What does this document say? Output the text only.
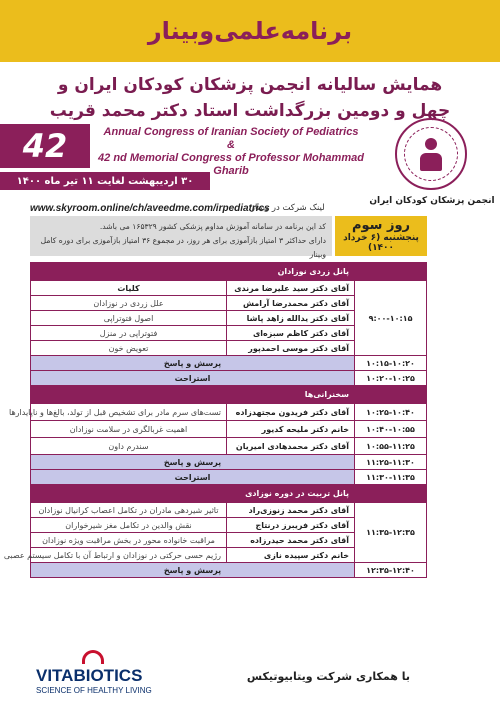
برنامه‌علمی‌وبینار
همایش سالیانه انجمن پزشکان کودکان ایران و
چهل و دومین بزرگداشت استاد دکتر محمد قریب
42	Annual Congress of Iranian Society of Pediatrics
&
42 nd Memorial Congress of Professor Mohammad Gharib
انجمن پزشکان کودکان ایران
۳۰ اردیبهشت لغایت ۱۱ تیر ماه ۱۴۰۰
www.skyroom.online/ch/aveedme.com/irpediatrics
لینک شرکت در وبینار:
کد این برنامه در سامانه آموزش مداوم پزشکی کشور ۱۶۵۳۲۹ می باشد.
دارای حداکثر ۳ امتیاز بازآموزی برای هر روز، در مجموع ۳۶ امتیاز بازآموزی برای دوره کامل وبینار
روز سوم
پنجشنبه (۶ خرداد ۱۴۰۰)
	پانل زردی نوزادان	
۹:۰۰-۱۰:۱۵	آقای دکتر سید علیرضا مرندی	کلیات
	آقای دکتر محمدرضا آرامش	علل زردی در نوزادان
	آقای دکتر یدالله زاهد پاشا	اصول فتوتراپی
	آقای دکتر کاظم سبزه‌ای	فتوتراپی در منزل
	آقای دکتر موسی احمدپور	تعویض خون
۱۰:۱۵-۱۰:۲۰	پرسش و پاسخ	
۱۰:۲۰-۱۰:۲۵	استراحت	
	سخنرانی‌ها	
۱۰:۲۵-۱۰:۴۰	آقای دکتر فریدون مجتهدزاده	تست‌های سرم مادر برای تشخیص قبل از تولد، بالغ‌ها و ناپایدارها
۱۰:۴۰-۱۰:۵۵	خانم دکتر ملیحه کدیور	اهمیت غربالگری در سلامت نوزادان
۱۰:۵۵-۱۱:۲۵	آقای دکتر محمدهادی امیریان	سندرم داون
۱۱:۲۵-۱۱:۳۰	پرسش و پاسخ	
۱۱:۳۰-۱۱:۳۵	استراحت	
	پانل تربیت در دوره نوزادی	
۱۱:۳۵-۱۲:۳۵	آقای دکتر محمد زنوزی‌راد	تاثیر شیردهی مادران در تکامل اعصاب کرانیال نوزادان
	آقای دکتر فریبرز درنتاج	نقش والدین در تکامل مغز شیرخواران
	آقای دکتر محمد حیدرزاده	مراقبت خانواده محور در بخش مراقبت ویژه نوزادان
	خانم دکتر سپیده نازی	رژیم حسی حرکتی در نوزادان و ارتباط آن با تکامل سیستم عصبی
۱۲:۳۵-۱۲:۴۰	پرسش و پاسخ	
VITABIOTICS
SCIENCE OF HEALTHY LIVING
با همکاری شرکت ویتابیوتیکس
